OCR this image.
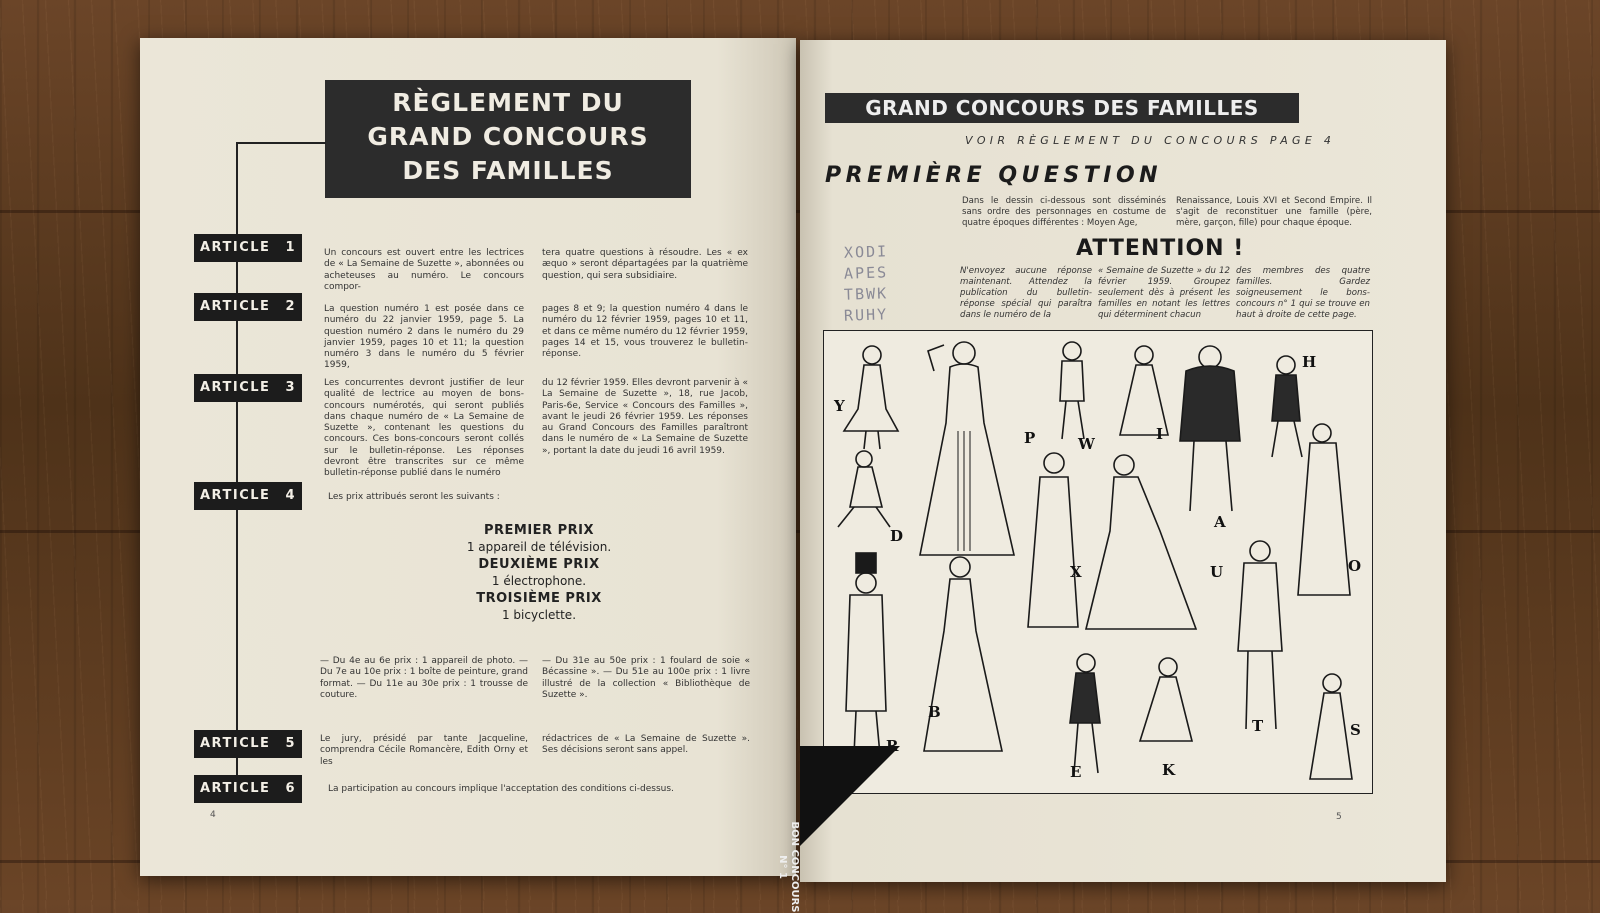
RÈGLEMENT DU
GRAND CONCOURS
DES FAMILLES
ARTICLE 1	Un concours est ouvert entre les lectrices de « La Semaine de Suzette », abonnées ou acheteuses au numéro. Le concours compor-
tera quatre questions à résoudre. Les « ex æquo » seront départagées par la quatrième question, qui sera subsidiaire.
ARTICLE 2	La question numéro 1 est posée dans ce numéro du 22 janvier 1959, page 5. La question numéro 2 dans le numéro du 29 janvier 1959, pages 10 et 11; la question numéro 3 dans le numéro du 5 février 1959,
pages 8 et 9; la question numéro 4 dans le numéro du 12 février 1959, pages 10 et 11, et dans ce même numéro du 12 février 1959, pages 14 et 15, vous trouverez le bulletin-réponse.
ARTICLE 3	Les concurrentes devront justifier de leur qualité de lectrice au moyen de bons-concours numérotés, qui seront publiés dans chaque numéro de « La Semaine de Suzette », contenant les questions du concours. Ces bons-concours seront collés sur le bulletin-réponse. Les réponses devront être transcrites sur ce même bulletin-réponse publié dans le numéro
du 12 février 1959. Elles devront parvenir à « La Semaine de Suzette », 18, rue Jacob, Paris-6e, Service « Concours des Familles », avant le jeudi 26 février 1959. Les réponses au Grand Concours des Familles paraîtront dans le numéro de « La Semaine de Suzette », portant la date du jeudi 16 avril 1959.
ARTICLE 4	Les prix attribués seront les suivants :
PREMIER PRIX
1 appareil de télévision.
DEUXIÈME PRIX
1 électrophone.
TROISIÈME PRIX
1 bicyclette.
— Du 4e au 6e prix : 1 appareil de photo. — Du 7e au 10e prix : 1 boîte de peinture, grand format. — Du 11e au 30e prix : 1 trousse de couture.
— Du 31e au 50e prix : 1 foulard de soie « Bécassine ». — Du 51e au 100e prix : 1 livre illustré de la collection « Bibliothèque de Suzette ».
ARTICLE 5	Le jury, présidé par tante Jacqueline, comprendra Cécile Romancère, Edith Orny et les
rédactrices de « La Semaine de Suzette ». Ses décisions seront sans appel.
ARTICLE 6	La participation au concours implique l'acceptation des conditions ci-dessus.
4
GRAND CONCOURS DES FAMILLES
VOIR RÈGLEMENT DU CONCOURS PAGE 4
PREMIÈRE QUESTION
Dans le dessin ci-dessous sont disséminés sans ordre des personnages en costume de quatre époques différentes : Moyen Age,
Renaissance, Louis XVI et Second Empire. Il s'agit de reconstituer une famille (père, mère, garçon, fille) pour chaque époque.
XODI
APES
TBWK
RUHY
ATTENTION !
N'envoyez aucune réponse maintenant. Attendez la publication du bulletin-réponse spécial qui paraîtra dans le numéro de la
« Semaine de Suzette » du 12 février 1959. Groupez seulement dès à présent les familles en notant les lettres qui déterminent chacun
des membres des quatre familles. Gardez soigneusement le bons-concours n° 1 qui se trouve en haut à droite de cette page.
Y
P	W
I
H
D
X
A
U	O
B
R
E	K
T	S
5
BON CONCOURS N° 1
